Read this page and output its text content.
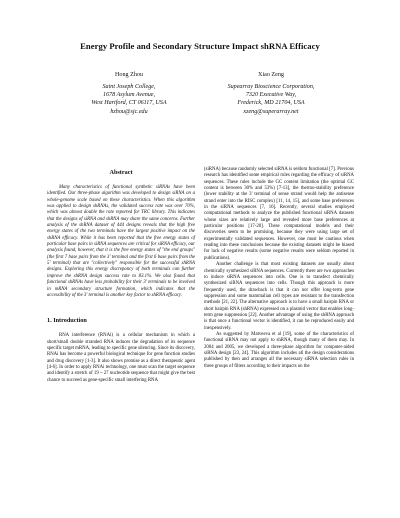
Energy Profile and Secondary Structure Impact shRNA Efficacy
Hong Zhou
Saint Joseph College,
1678 Asylum Avenue,
West Hartford, CT 06117, USA
hzhou@sjc.edu
Xiao Zeng
Supearray Bioscience Corporation,
7320 Executive Way,
Frederick, MD 21704, USA
xzeng@superarray.net

Abstract

Many characteristics of functional synthetic siRNAs have been identified. Our three-phase algorithm was developed to design siRNA on a whole-genome scale based on these characteristics. When this algorithm was applied to design shRNAs, the validated success rate was over 70%, which was almost double the rate reported for TRC library. This indicates that the designs of siRNA and shRNA may share the same concerns. Further analysis of the shRNA dataset of 444 designs reveals that the high free energy states of the two terminals have the largest positive impact on the shRNA efficacy. While it has been reported that the free energy states of particular base pairs in siRNA sequences are critical for siRNA efficacy, our analysis found, however, that it is the free energy states of "the end groups" (the first 7 base pairs from the 3' terminal and the first 6 base pairs from the 5' terminal) that are "collectively" responsible for the successful shRNA designs. Exploring this energy discrepancy of both terminals can further improve the shRNA design success rate to 83.1%. We also found that functional shRNAs have less probability for their 3' terminals to be involved in mRNA secondary structure formation, which indicates that the accessibility of the 3' terminal is another key factor to shRNA efficacy.

1. Introduction

RNA interference (RNAi) is a cellular mechanism in which a short/small double stranded RNA induces the degradation of its sequence specific target mRNA, leading to specific gene silencing. Since its discovery, RNAi has become a powerful biological technique for gene function studies and drug discovery [1-3]. It also shows promise as a direct therapeutic agent [4-6]. In order to apply RNAi technology, one must scan the target sequence and identify a stretch of 19 ~ 27 nucleotide sequence that might give the best chance to succeed as gene-specific small interfering RNA

(siRNA) because randomly selected siRNA is seldom functional [7]. Previous research has identified some empirical rules regarding the efficacy of siRNA sequences. These rules include the GC content limitation (the optimal GC content is between 30% and 53%) [7-13], the thermo-stability preference (lower stability at the 3' terminal of sense strand would help the antisense strand enter into the RISC complex) [11, 14, 15], and some base preferences in the siRNA sequences [7, 16]. Recently, several studies employed computational methods to analyze the published functional siRNA datasets whose sizes are relatively large and revealed more base preferences at particular positions [17-20]. These computational models and their discoveries seem to be promising, because they were using large set of experimentally validated sequences. However, one must be cautious when reading into these conclusions because the existing datasets might be biased for lack of negative results (some negative results were seldom reported in publications).

Another challenge is that most existing datasets are usually about chemically synthesized siRNA sequences. Currently there are two approaches to induce siRNA sequences into cells. One is to transfect chemically synthesized siRNA sequences into cells. Though this approach is more frequently used, the drawback is that it can not offer long-term gene suppression and some mammalian cell types are resistant to the transfection methods [21, 22]. The alternative approach is to have a small hairpin RNA or short hairpin RNA (shRNA) expressed on a plasmid vector that enables long-term gene suppression [22]. Another advantage of using the shRNA approach is that once a functional vector is identified, it can be reproduced easily and inexpensively.

As suggested by Matveeva et al [19], some of the characteristics of functional siRNA may not apply to shRNA, though many of them may. In 2004 and 2005, we developed a three-phase algorithm for computer-aided siRNA design [23, 24]. This algorithm includes all the design considerations published by then and arranges all the necessary siRNA selection rules in three groups of filters according to their impacts on the
